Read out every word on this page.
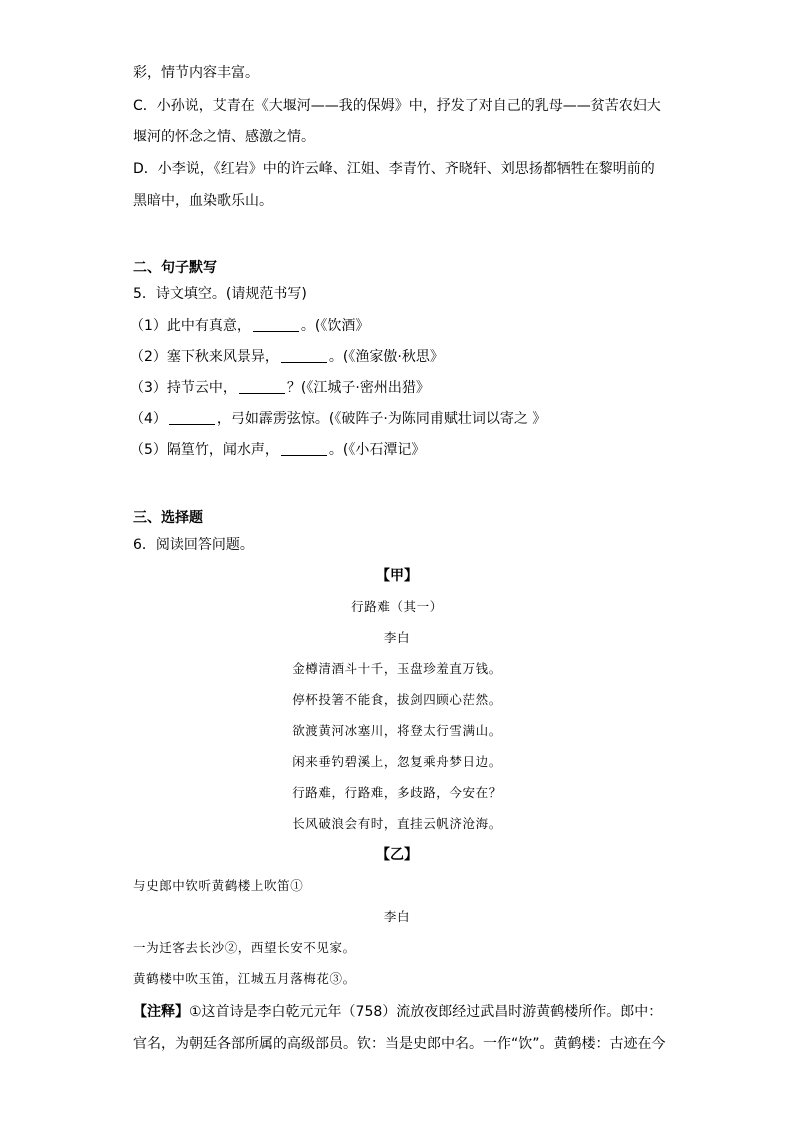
彩，情节内容丰富。
C．小孙说，艾青在《大堰河——我的保姆》中，抒发了对自己的乳母——贫苦农妇大
堰河的怀念之情、感激之情。
D．小李说，《红岩》中的许云峰、江姐、李青竹、齐晓轩、刘思扬都牺牲在黎明前的
黑暗中，血染歌乐山。
二、句子默写
5．诗文填空。(请规范书写)
（1）此中有真意，	。(《饮酒》
（2）塞下秋来风景异，	。(《渔家傲·秋思》
（3）持节云中，	？(《江城子·密州出猎》
（4）	，弓如霹雳弦惊。(《破阵子·为陈同甫赋壮词以寄之 》
（5）隔篁竹，闻水声，	。(《小石潭记》
三、选择题
6．阅读回答问题。
【甲】
行路难（其一）
李白
金樽清酒斗十千，玉盘珍羞直万钱。
停杯投箸不能食，拔剑四顾心茫然。
欲渡黄河冰塞川，将登太行雪满山。
闲来垂钓碧溪上，忽复乘舟梦日边。
行路难，行路难，多歧路，今安在？
长风破浪会有时，直挂云帆济沧海。
【乙】
与史郎中钦听黄鹤楼上吹笛①
李白
一为迁客去长沙②，西望长安不见家。
黄鹤楼中吹玉笛，江城五月落梅花③。
【注释】①这首诗是李白乾元元年（758）流放夜郎经过武昌时游黄鹤楼所作。郎中：
官名，为朝廷各部所属的高级部员。钦：当是史郎中名。一作“饮”。黄鹤楼：古迹在今
